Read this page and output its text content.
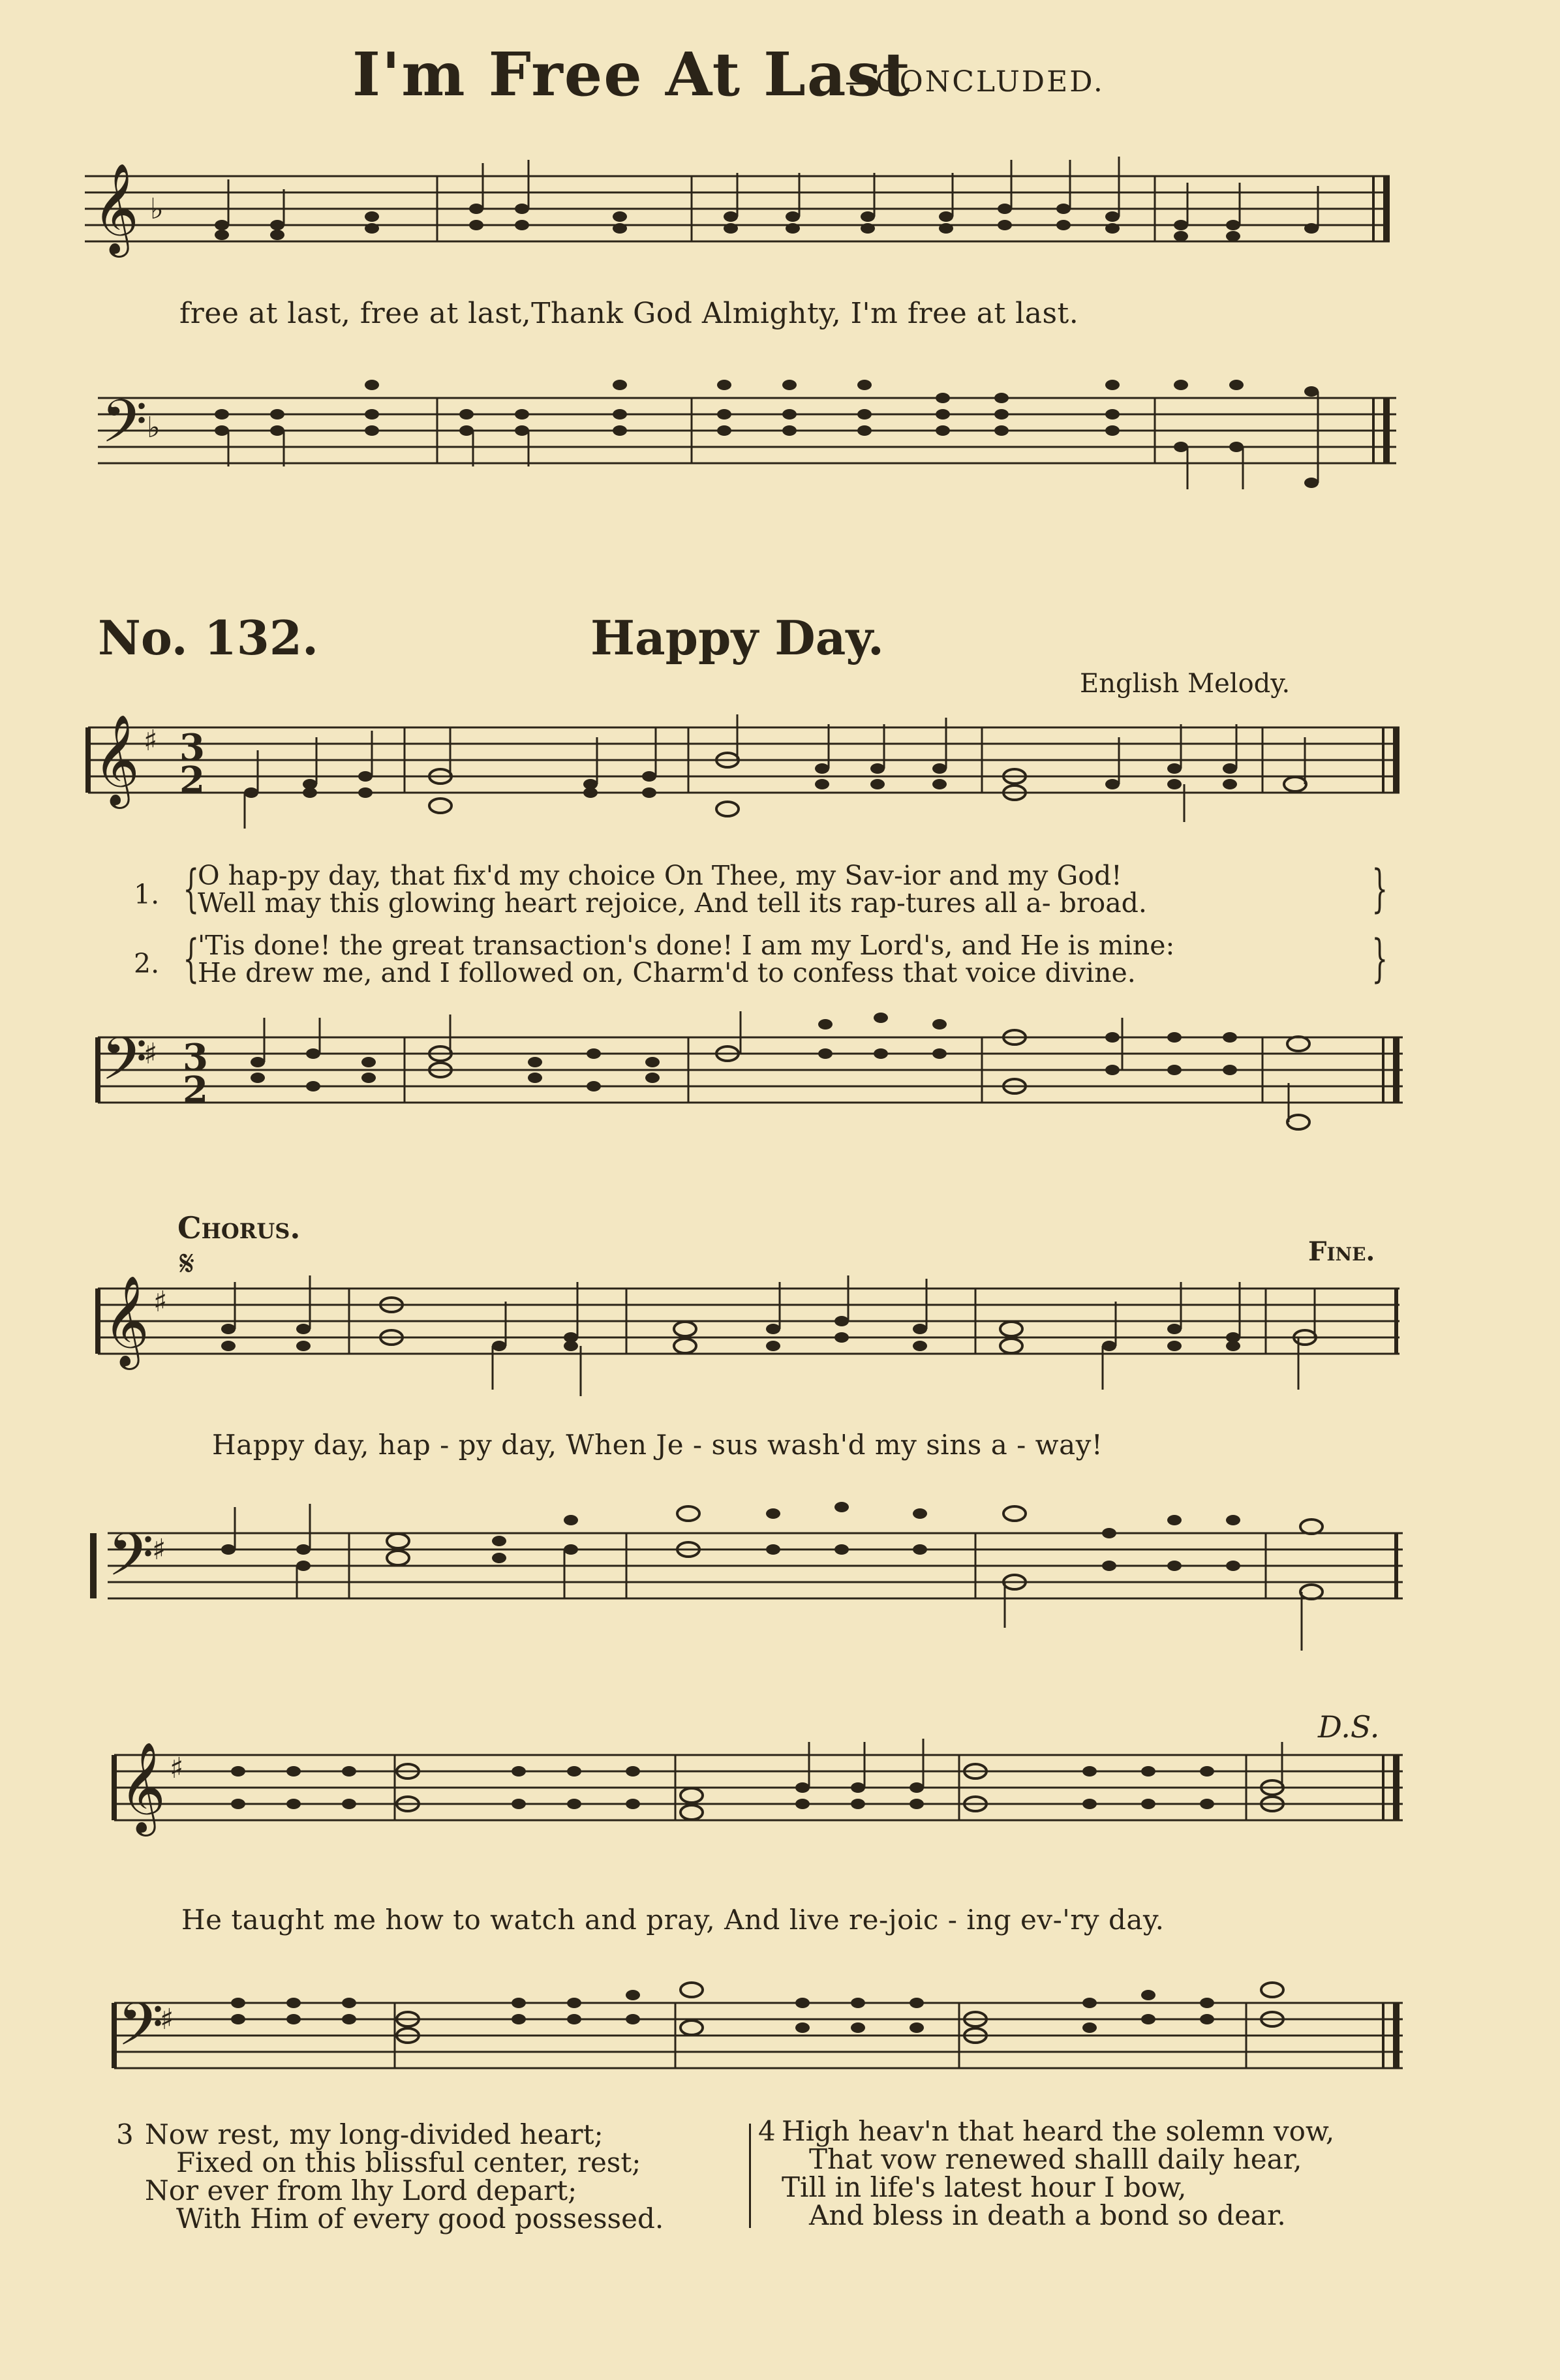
I'm Free At Last
—CONCLUDED.
𝄞 ♭
free at last, free at last,Thank God Almighty, I'm free at last.
𝄢 ♭
No. 132.	Happy Day.
English Melody.
𝄞 ♯ 3
2
1. {
O hap-py day, that fix'd my choice On Thee, my Sav-ior and my God!
Well may this glowing heart rejoice, And tell its rap-tures all a- broad.	}
2. {
'Tis done! the great transaction's done! I am my Lord's, and He is mine:
He drew me, and I followed on, Charm'd to confess that voice divine.	}
𝄢
♯ 3
2
Chorus.
𝄋	Fine.
𝄞 ♯
Happy day, hap - py day, When Je - sus wash'd my sins a - way!
𝄢
♯
D.S.
𝄞 ♯
He taught me how to watch and pray, And live re-joic - ing ev-'ry day.
𝄢
♯
3 Now rest, my long-divided heart;
Fixed on this blissful center, rest;
Nor ever from lhy Lord depart;
With Him of every good possessed.
4 High heav'n that heard the solemn vow,
That vow renewed shalll daily hear,
Till in life's latest hour I bow,
And bless in death a bond so dear.
